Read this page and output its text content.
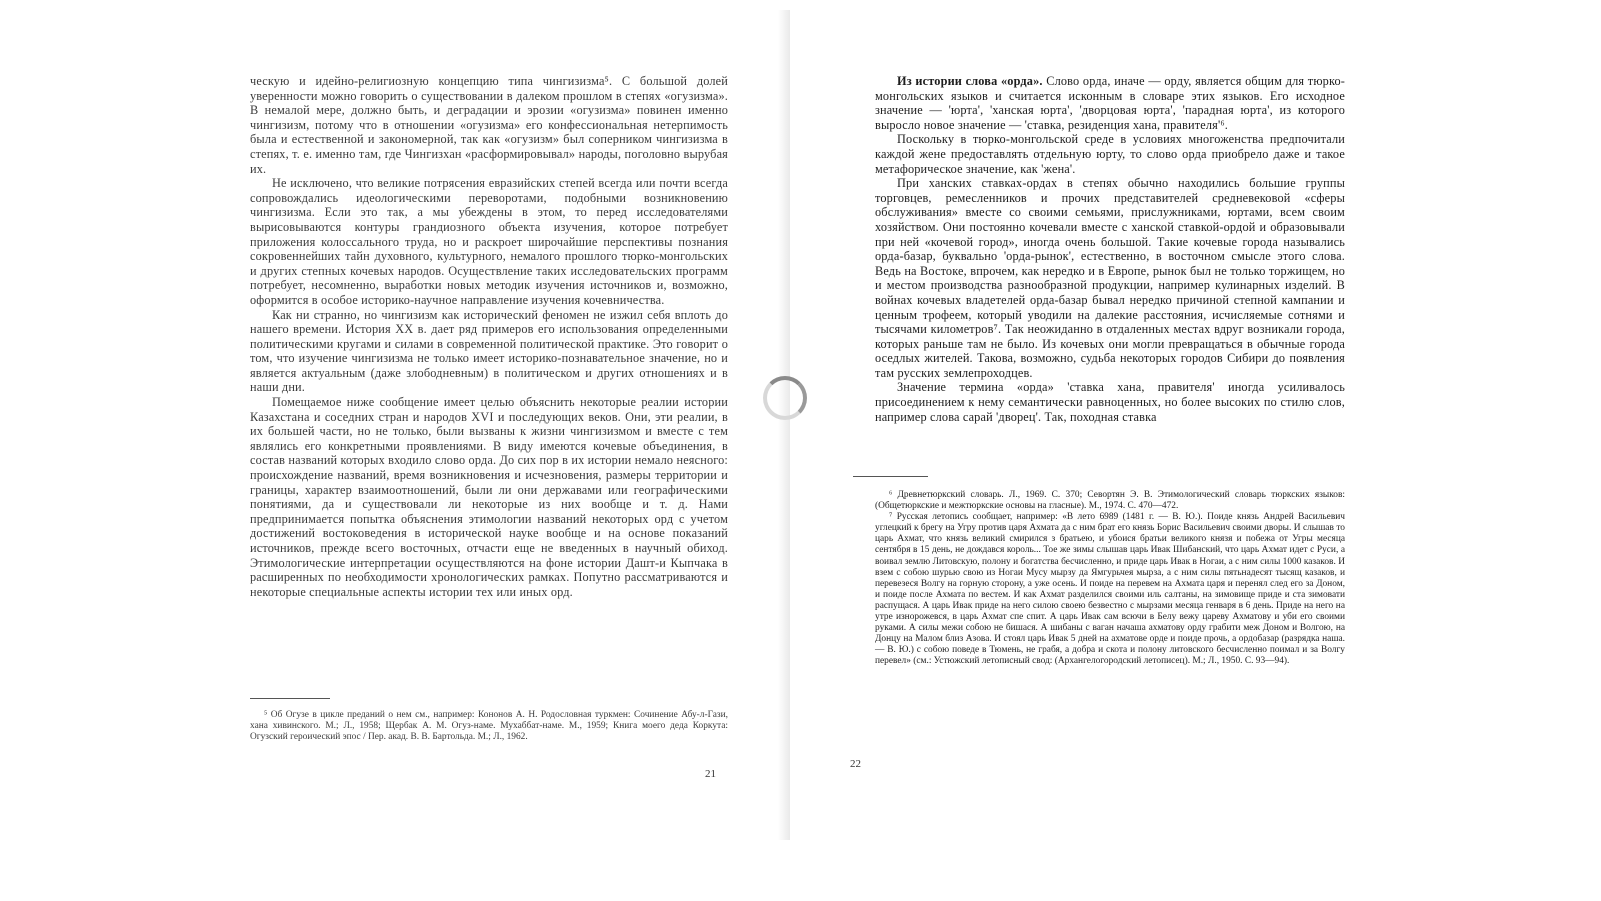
ческую и идейно-религиозную концепцию типа чингизизма⁵. С большой долей уверенности можно говорить о существовании в далеком прошлом в степях «огузизма». В немалой мере, должно быть, и деградации и эрозии «огузизма» повинен именно чингизизм, потому что в отношении «огузизма» его конфессиональная нетерпимость была и естественной и закономерной, так как «огузизм» был соперником чингизизма в степях, т. е. именно там, где Чингизхан «расформировывал» народы, поголовно вырубая их.

Не исключено, что великие потрясения евразийских степей всегда или почти всегда сопровождались идеологическими переворотами, подобными возникновению чингизизма. Если это так, а мы убеждены в этом, то перед исследователями вырисовываются контуры грандиозного объекта изучения, которое потребует приложения колоссального труда, но и раскроет широчайшие перспективы познания сокровеннейших тайн духовного, культурного, немалого прошлого тюрко-монгольских и других степных кочевых народов. Осуществление таких исследовательских программ потребует, несомненно, выработки новых методик изучения источников и, возможно, оформится в особое историко-научное направление изучения кочевничества.

Как ни странно, но чингизизм как исторический феномен не изжил себя вплоть до нашего времени. История XX в. дает ряд примеров его использования определенными политическими кругами и силами в современной политической практике. Это говорит о том, что изучение чингизизма не только имеет историко-познавательное значение, но и является актуальным (даже злободневным) в политическом и других отношениях и в наши дни.

Помещаемое ниже сообщение имеет целью объяснить некоторые реалии истории Казахстана и соседних стран и народов XVI и последующих веков. Они, эти реалии, в их большей части, но не только, были вызваны к жизни чингизизмом и вместе с тем являлись его конкретными проявлениями. В виду имеются кочевые объединения, в состав названий которых входило слово орда. До сих пор в их истории немало неясного: происхождение названий, время возникновения и исчезновения, размеры территории и границы, характер взаимоотношений, были ли они державами или географическими понятиями, да и существовали ли некоторые из них вообще и т. д. Нами предпринимается попытка объяснения этимологии названий некоторых орд с учетом достижений востоковедения в исторической науке вообще и на основе показаний источников, прежде всего восточных, отчасти еще не введенных в научный обиход. Этимологические интерпретации осуществляются на фоне истории Дашт-и Кыпчака в расширенных по необходимости хронологических рамках. Попутно рассматриваются и некоторые специальные аспекты истории тех или иных орд.

⁵ Об Огузе в цикле преданий о нем см., например: Кононов А. Н. Родословная туркмен: Сочинение Абу-л-Гази, хана хивинского. М.; Л., 1958; Щербак А. М. Огуз-наме. Мухаббат-наме. М., 1959; Книга моего деда Коркута: Огузский героический эпос / Пер. акад. В. В. Бартольда. М.; Л., 1962.

21

Из истории слова «орда». Слово орда, иначе — орду, является общим для тюрко-монгольских языков и считается исконным в словаре этих языков. Его исходное значение — 'юрта', 'ханская юрта', 'дворцовая юрта', 'парадная юрта', из которого выросло новое значение — 'ставка, резиденция хана, правителя'⁶.

Поскольку в тюрко-монгольской среде в условиях многоженства предпочитали каждой жене предоставлять отдельную юрту, то слово орда приобрело даже и такое метафорическое значение, как 'жена'.

При ханских ставках-ордах в степях обычно находились большие группы торговцев, ремесленников и прочих представителей средневековой «сферы обслуживания» вместе со своими семьями, прислужниками, юртами, всем своим хозяйством. Они постоянно кочевали вместе с ханской ставкой-ордой и образовывали при ней «кочевой город», иногда очень большой. Такие кочевые города назывались орда-базар, буквально 'орда-рынок', естественно, в восточном смысле этого слова. Ведь на Востоке, впрочем, как нередко и в Европе, рынок был не только торжищем, но и местом производства разнообразной продукции, например кулинарных изделий. В войнах кочевых владетелей орда-базар бывал нередко причиной степной кампании и ценным трофеем, который уводили на далекие расстояния, исчисляемые сотнями и тысячами километров⁷. Так неожиданно в отдаленных местах вдруг возникали города, которых раньше там не было. Из кочевых они могли превращаться в обычные города оседлых жителей. Такова, возможно, судьба некоторых городов Сибири до появления там русских землепроходцев.

Значение термина «орда» 'ставка хана, правителя' иногда усиливалось присоединением к нему семантически равноценных, но более высоких по стилю слов, например слова сарай 'дворец'. Так, походная ставка

⁶ Древнетюркский словарь. Л., 1969. С. 370; Севортян Э. В. Этимологический словарь тюркских языков: (Общетюркские и межтюркские основы на гласные). М., 1974. С. 470—472.

⁷ Русская летопись сообщает, например: «В лето 6989 (1481 г. — В. Ю.). Поиде князь Андрей Васильевич углецкий к брегу на Угру против царя Ахмата да с ним брат его князь Борис Васильевич своими дворы. И слышав то царь Ахмат, что князь великий смирился з братьею, и убоися братьи великого князя и побежа от Угры месяца сентября в 15 день, не дождався король... Тое же зимы слышав царь Ивак Шибанский, что царь Ахмат идет с Руси, а воивал землю Литовскую, полону и богатства бесчисленно, и приде царь Ивак в Ногаи, а с ним силы 1000 казаков. И взем с собою шурью свою из Ногаи Мусу мырзу да Ямгурьчея мырза, а с ним силы пятьнадесят тысящ казаков, и перевезеся Волгу на горную сторону, а уже осень. И поиде на перевем на Ахмата царя и перенял след его за Доном, и поиде после Ахмата по вестем. И как Ахмат разделился своими иль салтаны, на зимовище приде и ста зимовати распущася. А царь Ивак приде на него силою своею безвестно с мырзами месяца генваря в 6 день. Приде на него на утре изнорожевся, в царь Ахмат спе спит. А царь Ивак сам всючи в Белу вежу цареву Ахматову и уби его своими руками. А силы межи собою не бишася. А шибаны с ваган начаша ахматову орду грабити меж Доном и Волгою, на Донцу на Малом близ Азова. И стоял царь Ивак 5 дней на ахматове орде и поиде прочь, а ордобазар (разрядка наша. — В. Ю.) с собою поведе в Тюмень, не грабя, а добра и скота и полону литовского бесчисленно поимал и за Волгу перевел» (см.: Устюжский летописный свод: (Архангелогородский летописец). М.; Л., 1950. С. 93—94).

22
